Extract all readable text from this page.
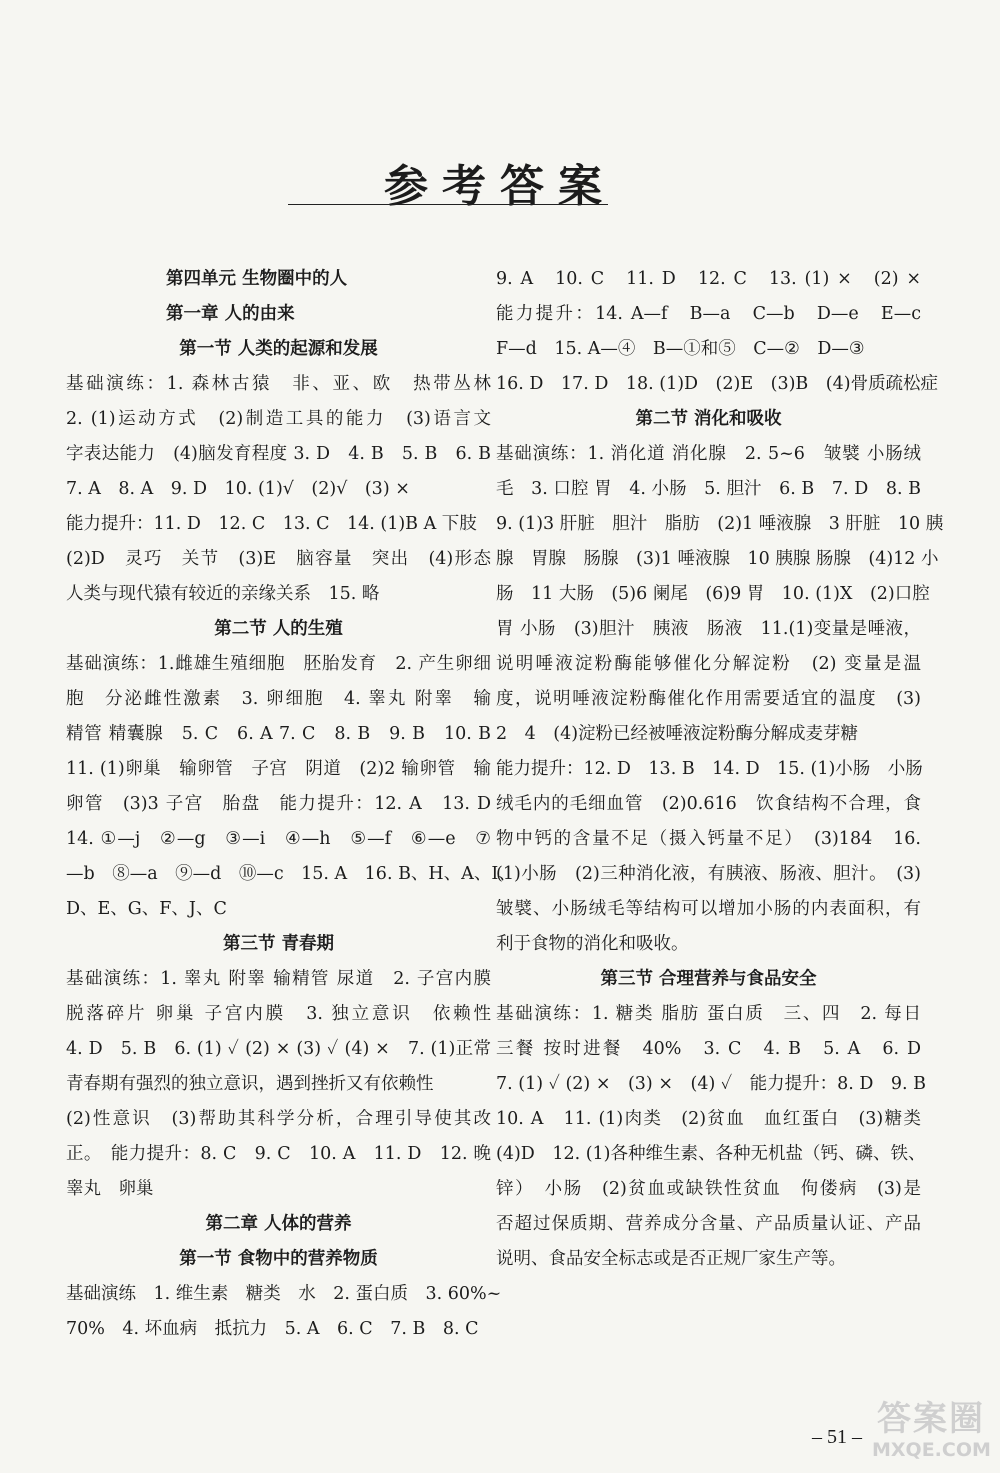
参考答案
第四单元 生物圈中的人
第一章 人的由来
第一节 人类的起源和发展
基础演练：1. 森林古猿　非、亚、欧　热带丛林
2. (1)运动方式　(2)制造工具的能力　(3)语言文
字表达能力　(4)脑发育程度 3. D　4. B　5. B　6. B
7. A　8. A　9. D　10. (1)√　(2)√　(3) ×
能力提升：11. D　12. C　13. C　14. (1)B A 下肢
(2)D　灵巧　关节　(3)E　脑容量　突出　(4)形态
人类与现代猿有较近的亲缘关系　15. 略
第二节 人的生殖
基础演练：1.雌雄生殖细胞　胚胎发育　2. 产生卵细
胞　分泌雌性激素　3. 卵细胞　4. 睾丸 附睾　输
精管 精囊腺　5. C　6. A 7. C　8. B　9. B　10. B
11. (1)卵巢　输卵管　子宫　阴道　(2)2 输卵管　输
卵管　(3)3 子宫　胎盘　能力提升：12. A　13. D
14. ①—j　②—g　③—i　④—h　⑤—f　⑥—e　⑦
—b　⑧—a　⑨—d　⑩—c　15. A　16. B、H、A、I、
D、E、G、F、J、C
第三节 青春期
基础演练：1. 睾丸 附睾 输精管 尿道　2. 子宫内膜
脱落碎片 卵巢 子宫内膜　3. 独立意识　依赖性
4. D　5. B　6. (1) ✓ (2) × (3) ✓ (4) ×　7. (1)正常
青春期有强烈的独立意识，遇到挫折又有依赖性
(2)性意识　(3)帮助其科学分析，合理引导使其改
正。　能力提升：8. C　9. C　10. A　11. D　12. 晚
睾丸　卵巢
第二章 人体的营养
第一节 食物中的营养物质
基础演练　1. 维生素　糖类　水　2. 蛋白质　3. 60%~
70%　4. 坏血病　抵抗力　5. A　6. C　7. B　8. C
9. A　10. C　11. D　12. C　13. (1) ×　(2) ×
能力提升：14. A—f　B—a　C—b　D—e　E—c
F—d　15. A—④　B—①和⑤　C—②　D—③
16. D　17. D　18. (1)D　(2)E　(3)B　(4)骨质疏松症
第二节 消化和吸收
基础演练：1. 消化道 消化腺　2. 5~6　皱襞 小肠绒
毛　3. 口腔 胃　4. 小肠　5. 胆汁　6. B　7. D　8. B
9. (1)3 肝脏　胆汁　脂肪　(2)1 唾液腺　3 肝脏　10 胰
腺　胃腺　肠腺　(3)1 唾液腺　10 胰腺 肠腺　(4)12 小
肠　11 大肠　(5)6 阑尾　(6)9 胃　10. (1)X　(2)口腔
胃 小肠　(3)胆汁　胰液　肠液　11.(1)变量是唾液，
说明唾液淀粉酶能够催化分解淀粉　(2) 变量是温
度，说明唾液淀粉酶催化作用需要适宜的温度　(3)
2　4　(4)淀粉已经被唾液淀粉酶分解成麦芽糖
能力提升：12. D　13. B　14. D　15. (1)小肠　小肠
绒毛内的毛细血管　(2)0.616　饮食结构不合理，食
物中钙的含量不足（摄入钙量不足）　(3)184　16.
(1)小肠　(2)三种消化液，有胰液、肠液、胆汁。　(3)
皱襞、小肠绒毛等结构可以增加小肠的内表面积，有
利于食物的消化和吸收。
第三节 合理营养与食品安全
基础演练：1. 糖类 脂肪 蛋白质　三、四　2. 每日
三餐 按时进餐　40%　3. C　4. B　5. A　6. D
7. (1) ✓ (2) ×　(3) ×　(4) ✓　能力提升：8. D　9. B
10. A　11. (1)肉类　(2)贫血　血红蛋白　(3)糖类
(4)D　12. (1)各种维生素、各种无机盐（钙、磷、铁、
锌）　小肠　(2)贫血或缺铁性贫血　佝偻病　(3)是
否超过保质期、营养成分含量、产品质量认证、产品
说明、食品安全标志或是否正规厂家生产等。
– 51 – 答案圈
MXQE.COM
